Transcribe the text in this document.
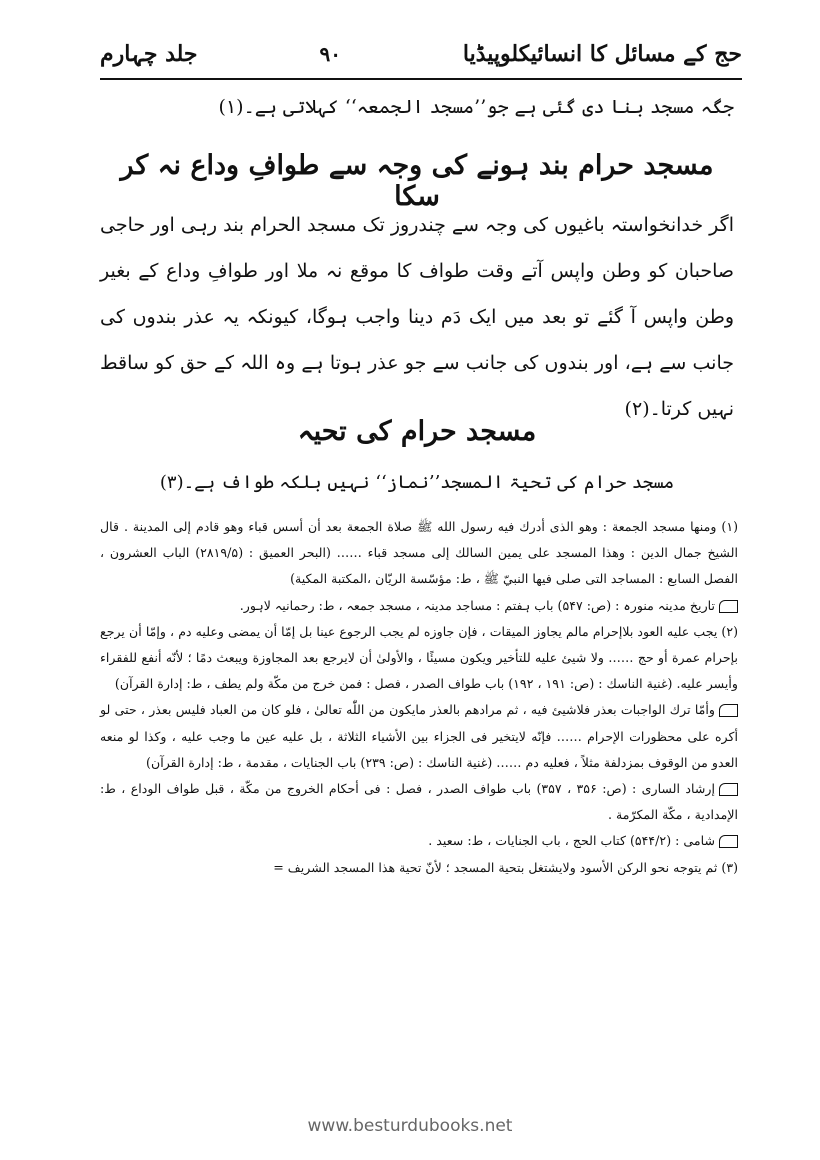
حج کے مسائل کا انسائیکلوپیڈیا
۹۰
جلد چہارم
جگہ مسجد بنا دی گئی ہے جو’’مسجد الجمعہ‘‘ کہلاتی ہے۔(۱)
مسجد حرام بند ہونے کی وجہ سے طوافِ وداع نہ کر سکا
اگر خدانخواستہ باغیوں کی وجہ سے چندروز تک مسجد الحرام بند رہی اور حاجی صاحبان کو وطن واپس آتے وقت طواف کا موقع نہ ملا اور طوافِ وداع کے بغیر وطن واپس آ گئے تو بعد میں ایک دَم دینا واجب ہوگا، کیونکہ یہ عذر بندوں کی جانب سے ہے، اور بندوں کی جانب سے جو عذر ہوتا ہے وہ اللہ کے حق کو ساقط نہیں کرتا۔(۲)
مسجد حرام کی تحیہ
مسجد حرام کی تحیۃ المسجد’’نماز‘‘ نہیں بلکہ طواف ہے۔(۳)

(۱) ومنها مسجد الجمعة : وهو الذى أدرك فيه رسول الله ﷺ صلاة الجمعة بعد أن أسس قباء وهو قادم إلى المدينة . قال الشيخ جمال الدين : وهذا المسجد على يمين السالك إلى مسجد قباء …… (البحر العميق : (۲۸۱۹/۵) الباب العشرون ، الفصل السابع : المساجد التى صلى فيها النبيّ ﷺ ، ط: مؤسّسة الريّان ،المكتبة المكية)

تاریخ مدینہ منورہ : (ص: ۵۴۷) باب ہفتم : مساجد مدینہ ، مسجد جمعہ ، ط: رحمانیہ لاہور.

(۲) يجب عليه العود بلاإحرام مالم يجاوز الميقات ، فإن جاوزه لم يجب الرجوع عينا بل إمّا أن يمضى وعليه دم ، وإمّا أن يرجع بإحرام عمرة أو حج …… ولا شيئ عليه للتأخير ويكون مسيئًا ، والأولىٰ أن لايرجع بعد المجاوزة ويبعث دمًا ؛ لأنّه أنفع للفقراء وأيسر عليه. (غنية الناسك : (ص: ۱۹۱ ، ۱۹۲) باب طواف الصدر ، فصل : فمن خرج من مكّة ولم يطف ، ط: إدارة القرآن)

وأمّا ترك الواجبات بعذر فلاشيئ فيه ، ثم مرادهم بالعذر مايكون من اللّٰه تعالىٰ ، فلو كان من العباد فليس بعذر ، حتى لو أكره على محظورات الإحرام …… فإنّه لايتخير فى الجزاء بين الأشياء الثلاثة ، بل عليه عين ما وجب عليه ، وكذا لو منعه العدو من الوقوف بمزدلفة مثلاً ، فعليه دم …… (غنية الناسك : (ص: ۲۳۹) باب الجنايات ، مقدمة ، ط: إدارة القرآن)

إرشاد السارى : (ص: ۳۵۶ ، ۳۵۷) باب طواف الصدر ، فصل : فى أحكام الخروج من مكّة ، قبل طواف الوداع ، ط: الإمدادية ، مكّة المكرّمة .

شامى : (۵۴۴/۲) كتاب الحج ، باب الجنايات ، ط: سعيد .

(۳) ثم يتوجه نحو الركن الأسود ولايشتغل بتحية المسجد ؛ لأنّ تحية هذا المسجد الشريف =

www.besturdubooks.net
